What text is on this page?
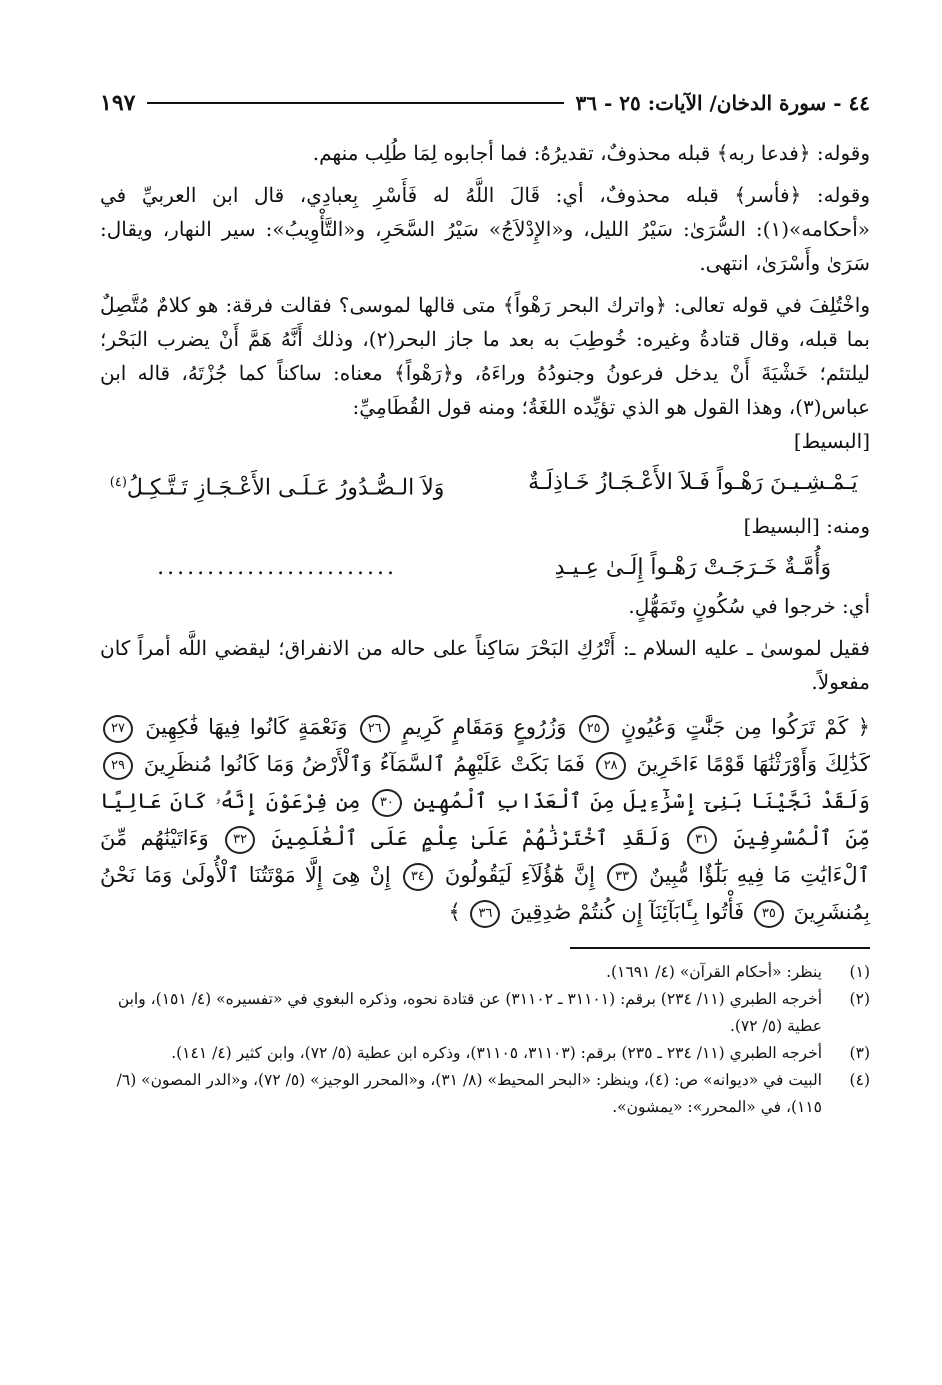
٤٤ - سورة الدخان/ الآيات: ٢٥ - ٣٦
١٩٧

وقوله: ﴿فدعا ربه﴾ قبله محذوفٌ، تقديرُهُ: فما أجابوه لِمَا طُلِب منهم.

وقوله: ﴿فأسر﴾ قبله محذوفٌ، أي: قَالَ اللَّهُ له فَأَسْرِ بِعبادِي، قال ابن العربيِّ في «أحكامه»(١): السُّرَىٰ: سَيْرُ الليل، و«الإِدْلاَجُ» سَيْرُ السَّحَرِ، و«التَّأْوِيبُ»: سير النهار، ويقال: سَرَىٰ وأَسْرَىٰ، انتهى.

واخْتُلِفَ في قوله تعالى: ﴿واترك البحر رَهْواً﴾ متى قالها لموسى؟ فقالت فرقة: هو كلامٌ مُتَّصِلٌ بما قبله، وقال قتادةُ وغيره: خُوطِبَ به بعد ما جاز البحر(٢)، وذلك أَنَّهُ هَمَّ أَنْ يضرب البَحْر؛ ليلتئم؛ خَشْيَةَ أَنْ يدخل فرعونُ وجنودُهُ وراءَهُ، و﴿رَهْواً﴾ معناه: ساكناً كما جُزْتَهُ، قاله ابن عباس(٣)، وهذا القول هو الذي تؤيِّده اللغَةُ؛ ومنه قول القُطَامِيِّ:

[البسيط]
يَـمْـشِـيـنَ رَهْـواً فَـلاَ الأَعْـجَـازُ خَـاذِلَـةٌ
وَلاَ الـصُّـدُورُ عَـلَـى الأَعْـجَـازِ تَـتَّـكِـلُ$^{(٤)}$
ومنه: [البسيط]
وَأُمَّـةٌ خَـرَجَـتْ رَهْـواً إِلَـىٰ عِـيـدِ
........................

أي: خرجوا في سُكُونٍ وتَمَهُّلٍ.

فقيل لموسىٰ ـ عليه السلام ـ: أَتْرُكِ البَحْرَ سَاكِناً على حاله من الانفراق؛ ليقضي اللَّه أمراً كان مفعولاً.

﴿ كَمْ تَرَكُوا مِن جَنَّٰتٍ وَعُيُونٍ ٢٥ وَزُرُوعٍ وَمَقَامٍ كَرِيمٍ ٢٦ وَنَعْمَةٍ كَانُوا فِيهَا فَٰكِهِينَ ٢٧ كَذَٰلِكَ وَأَوْرَثْنَٰهَا قَوْمًا ءَاخَرِينَ ٢٨ فَمَا بَكَتْ عَلَيْهِمُ ٱلسَّمَآءُ وَٱلْأَرْضُ وَمَا كَانُوا مُنظَرِينَ ٢٩ وَلَقَدْ نَجَّيْنَا بَنِىٓ إِسْرَٰٓءِيلَ مِنَ ٱلْعَذَابِ ٱلْمُهِينِ ٣٠ مِن فِرْعَوْنَ إِنَّهُۥ كَانَ عَالِيًا مِّنَ ٱلْمُسْرِفِينَ ٣١ وَلَقَدِ ٱخْتَرْنَٰهُمْ عَلَىٰ عِلْمٍ عَلَى ٱلْعَٰلَمِينَ ٣٢ وَءَاتَيْنَٰهُم مِّنَ ٱلْءَايَٰتِ مَا فِيهِ بَلَٰٓؤٌا مُّبِينٌ ٣٣ إِنَّ هَٰٓؤُلَآءِ لَيَقُولُونَ ٣٤ إِنْ هِىَ إِلَّا مَوْتَتُنَا ٱلْأُولَىٰ وَمَا نَحْنُ بِمُنشَرِينَ ٣٥ فَأْتُوا بِـَٔابَآئِنَآ إِن كُنتُمْ صَٰدِقِينَ ٣٦ ﴾
(١)
ينظر: «أحكام القرآن» (٤/ ١٦٩١).
(٢)
أخرجه الطبري (١١/ ٢٣٤) برقم: (٣١١٠١ ـ ٣١١٠٢) عن قتادة نحوه، وذكره البغوي في «تفسيره» (٤/ ١٥١)، وابن عطية (٥/ ٧٢).
(٣)
أخرجه الطبري (١١/ ٢٣٤ ـ ٢٣٥) برقم: (٣١١٠٣، ٣١١٠٥)، وذكره ابن عطية (٥/ ٧٢)، وابن كثير (٤/ ١٤١).
(٤)
البيت في «ديوانه» ص: (٤)، وينظر: «البحر المحيط» (٨/ ٣١)، و«المحرر الوجيز» (٥/ ٧٢)، و«الدر المصون» (٦/ ١١٥)، في «المحرر»: «يمشون».
